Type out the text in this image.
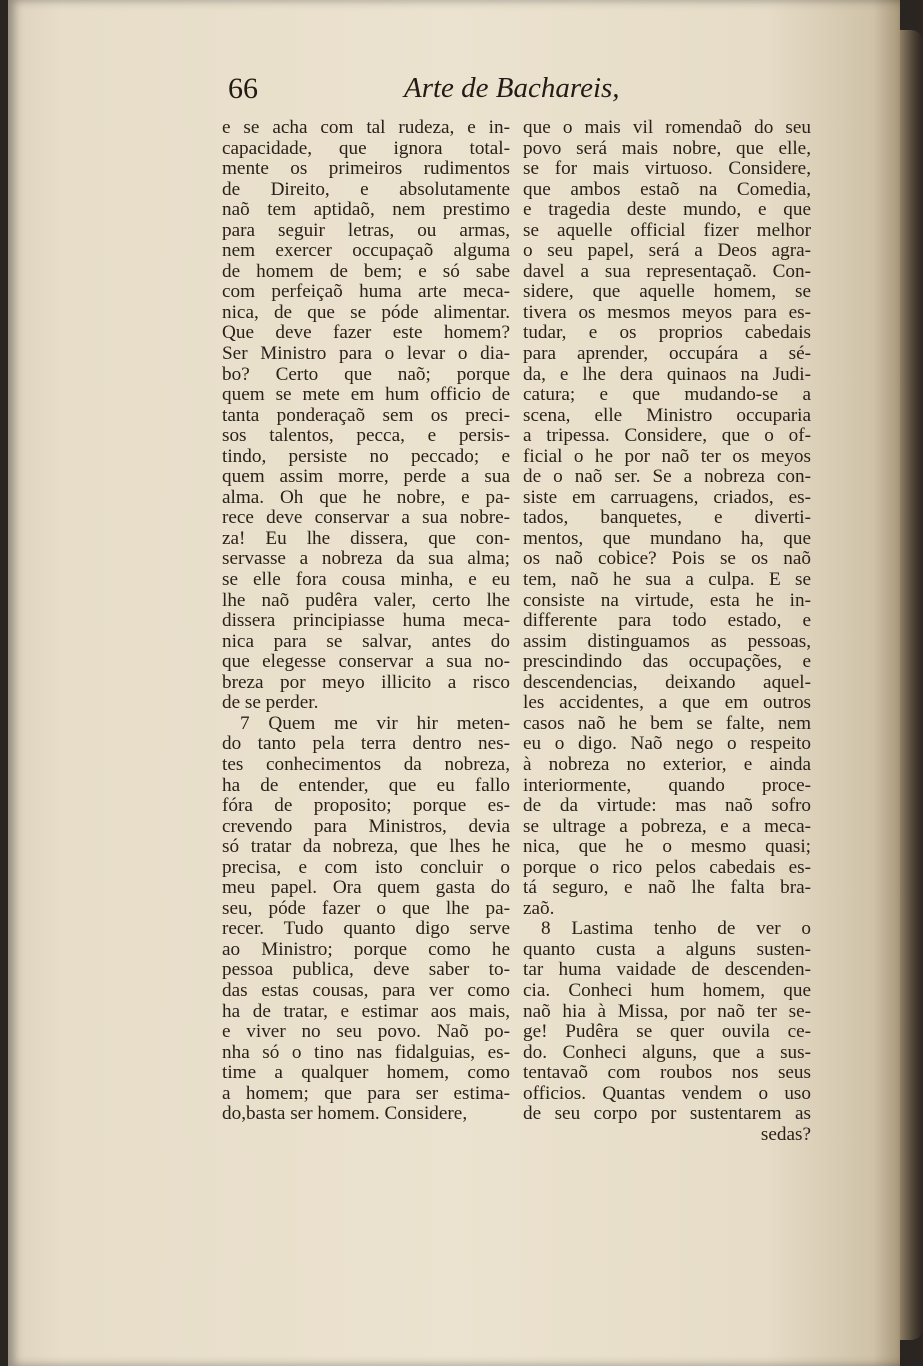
66	Arte de Bachareis,
e se acha com tal rudeza, e in-
capacidade, que ignora total-
mente os primeiros rudimentos
de Direito, e absolutamente
naõ tem aptidaõ, nem prestimo
para seguir letras, ou armas,
nem exercer occupaçaõ alguma
de homem de bem; e só sabe
com perfeiçaõ huma arte meca-
nica, de que se póde alimentar.
Que deve fazer este homem?
Ser Ministro para o levar o dia-
bo? Certo que naõ; porque
quem se mete em hum officio de
tanta ponderaçaõ sem os preci-
sos talentos, pecca, e persis-
tindo, persiste no peccado; e
quem assim morre, perde a sua
alma. Oh que he nobre, e pa-
rece deve conservar a sua nobre-
za! Eu lhe dissera, que con-
servasse a nobreza da sua alma;
se elle fora cousa minha, e eu
lhe naõ pudêra valer, certo lhe
dissera principiasse huma meca-
nica para se salvar, antes do
que elegesse conservar a sua no-
breza por meyo illicito a risco
de se perder.
7 Quem me vir hir meten-
do tanto pela terra dentro nes-
tes conhecimentos da nobreza,
ha de entender, que eu fallo
fóra de proposito; porque es-
crevendo para Ministros, devia
só tratar da nobreza, que lhes he
precisa, e com isto concluir o
meu papel. Ora quem gasta do
seu, póde fazer o que lhe pa-
recer. Tudo quanto digo serve
ao Ministro; porque como he
pessoa publica, deve saber to-
das estas cousas, para ver como
ha de tratar, e estimar aos mais,
e viver no seu povo. Naõ po-
nha só o tino nas fidalguias, es-
time a qualquer homem, como
a homem; que para ser estima-
do,basta ser homem. Considere,
que o mais vil romendaõ do seu
povo será mais nobre, que elle,
se for mais virtuoso. Considere,
que ambos estaõ na Comedia,
e tragedia deste mundo, e que
se aquelle official fizer melhor
o seu papel, será a Deos agra-
davel a sua representaçaõ. Con-
sidere, que aquelle homem, se
tivera os mesmos meyos para es-
tudar, e os proprios cabedais
para aprender, occupára a sé-
da, e lhe dera quinaos na Judi-
catura; e que mudando-se a
scena, elle Ministro occuparia
a tripessa. Considere, que o of-
ficial o he por naõ ter os meyos
de o naõ ser. Se a nobreza con-
siste em carruagens, criados, es-
tados, banquetes, e diverti-
mentos, que mundano ha, que
os naõ cobice? Pois se os naõ
tem, naõ he sua a culpa. E se
consiste na virtude, esta he in-
differente para todo estado, e
assim distinguamos as pessoas,
prescindindo das occupações, e
descendencias, deixando aquel-
les accidentes, a que em outros
casos naõ he bem se falte, nem
eu o digo. Naõ nego o respeito
à nobreza no exterior, e ainda
interiormente, quando proce-
de da virtude: mas naõ sofro
se ultrage a pobreza, e a meca-
nica, que he o mesmo quasi;
porque o rico pelos cabedais es-
tá seguro, e naõ lhe falta bra-
zaõ.
8 Lastima tenho de ver o
quanto custa a alguns susten-
tar huma vaidade de descenden-
cia. Conheci hum homem, que
naõ hia à Missa, por naõ ter se-
ge! Pudêra se quer ouvila ce-
do. Conheci alguns, que a sus-
tentavaõ com roubos nos seus
officios. Quantas vendem o uso
de seu corpo por sustentarem as
sedas?
